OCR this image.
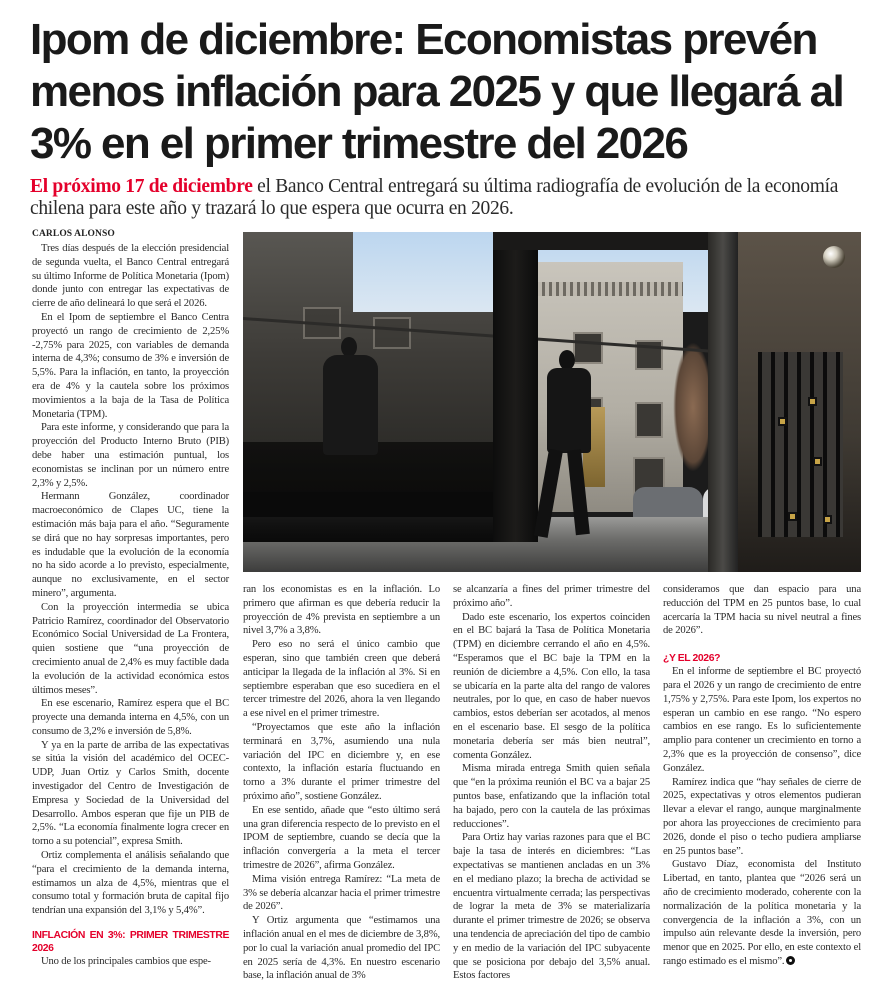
Ipom de diciembre: Economistas prevén menos inflación para 2025 y que llegará al 3% en el primer trimestre del 2026
El próximo 17 de diciembre el Banco Central entregará su última radiografía de evolución de la economía chilena para este año y trazará lo que espera que ocurra en 2026.
CARLOS ALONSO

Tres días después de la elección presidencial de segunda vuelta, el Banco Central entregará su último Informe de Política Monetaria (Ipom) donde junto con entregar las expectativas de cierre de año delineará lo que será el 2026.

En el Ipom de septiembre el Banco Centra proyectó un rango de crecimiento de 2,25% -2,75% para 2025, con variables de demanda interna de 4,3%; consumo de 3% e inversión de 5,5%. Para la inflación, en tanto, la proyección era de 4% y la cautela sobre los próximos movimientos a la baja de la Tasa de Política Monetaria (TPM).

Para este informe, y considerando que para la proyección del Producto Interno Bruto (PIB) debe haber una estimación puntual, los economistas se inclinan por un número entre 2,3% y 2,5%.

Hermann González, coordinador macroeconómico de Clapes UC, tiene la estimación más baja para el año. “Seguramente se dirá que no hay sorpresas importantes, pero es indudable que la evolución de la economía no ha sido acorde a lo previsto, especialmente, aunque no exclusivamente, en el sector minero”, argumenta.

Con la proyección intermedia se ubica Patricio Ramírez, coordinador del Observatorio Económico Social Universidad de La Frontera, quien sostiene que “una proyección de crecimiento anual de 2,4% es muy factible dada la evolución de la actividad económica estos últimos meses”.

En ese escenario, Ramírez espera que el BC proyecte una demanda interna en 4,5%, con un consumo de 3,2% e inversión de 5,8%.

Y ya en la parte de arriba de las expectativas se sitúa la visión del académico del OCEC-UDP, Juan Ortiz y Carlos Smith, docente investigador del Centro de Investigación de Empresa y Sociedad de la Universidad del Desarrollo. Ambos esperan que fije un PIB de 2,5%. “La economía finalmente logra crecer en torno a su potencial”, expresa Smith.

Ortiz complementa el análisis señalando que “para el crecimiento de la demanda interna, estimamos un alza de 4,5%, mientras que el consumo total y formación bruta de capital fijo tendrían una expansión del 3,1% y 5,4%”.

INFLACIÓN EN 3%: PRIMER TRIMESTRE 2026

Uno de los principales cambios que espe-

ran los economistas es en la inflación. Lo primero que afirman es que debería reducir la proyección de 4% prevista en septiembre a un nivel 3,7% a 3,8%.

Pero eso no será el único cambio que esperan, sino que también creen que deberá anticipar la llegada de la inflación al 3%. Si en septiembre esperaban que eso sucediera en el tercer trimestre del 2026, ahora la ven llegando a ese nivel en el primer trimestre.

“Proyectamos que este año la inflación terminará en 3,7%, asumiendo una nula variación del IPC en diciembre y, en ese contexto, la inflación estaría fluctuando en torno a 3% durante el primer trimestre del próximo año”, sostiene González.

En ese sentido, añade que “esto último será una gran diferencia respecto de lo previsto en el IPOM de septiembre, cuando se decía que la inflación convergería a la meta el tercer trimestre de 2026”, afirma González.

Mima visión entrega Ramírez: “La meta de 3% se debería alcanzar hacia el primer trimestre de 2026”.

Y Ortiz argumenta que “estimamos una inflación anual en el mes de diciembre de 3,8%, por lo cual la variación anual promedio del IPC en 2025 sería de 4,3%. En nuestro escenario base, la inflación anual de 3%

se alcanzaría a fines del primer trimestre del próximo año”.

Dado este escenario, los expertos coinciden en el BC bajará la Tasa de Política Monetaria (TPM) en diciembre cerrando el año en 4,5%. “Esperamos que el BC baje la TPM en la reunión de diciembre a 4,5%. Con ello, la tasa se ubicaría en la parte alta del rango de valores neutrales, por lo que, en caso de haber nuevos cambios, estos deberían ser acotados, al menos en el escenario base. El sesgo de la política monetaria debería ser más bien neutral”, comenta González.

Misma mirada entrega Smith quien señala que “en la próxima reunión el BC va a bajar 25 puntos base, enfatizando que la inflación total ha bajado, pero con la cautela de las próximas reducciones”.

Para Ortiz hay varias razones para que el BC baje la tasa de interés en diciembres: “Las expectativas se mantienen ancladas en un 3% en el mediano plazo; la brecha de actividad se encuentra virtualmente cerrada; las perspectivas de lograr la meta de 3% se materializaría durante el primer trimestre de 2026; se observa una tendencia de apreciación del tipo de cambio y en medio de la variación del IPC subyacente que se posiciona por debajo del 3,5% anual. Estos factores

consideramos que dan espacio para una reducción del TPM en 25 puntos base, lo cual acercaría la TPM hacia su nivel neutral a fines de 2026”.

¿Y EL 2026?

En el informe de septiembre el BC proyectó para el 2026 y un rango de crecimiento de entre 1,75% y 2,75%. Para este Ipom, los expertos no esperan un cambio en ese rango. “No espero cambios en ese rango. Es lo suficientemente amplio para contener un crecimiento en torno a 2,3% que es la proyección de consenso”, dice González.

Ramírez indica que “hay señales de cierre de 2025, expectativas y otros elementos pudieran llevar a elevar el rango, aunque marginalmente por ahora las proyecciones de crecimiento para 2026, donde el piso o techo pudiera ampliarse en 25 puntos base”.

Gustavo Díaz, economista del Instituto Libertad, en tanto, plantea que “2026 será un año de crecimiento moderado, coherente con la normalización de la política monetaria y la convergencia de la inflación a 3%, con un impulso aún relevante desde la inversión, pero menor que en 2025. Por ello, en este contexto el rango estimado es el mismo”.
